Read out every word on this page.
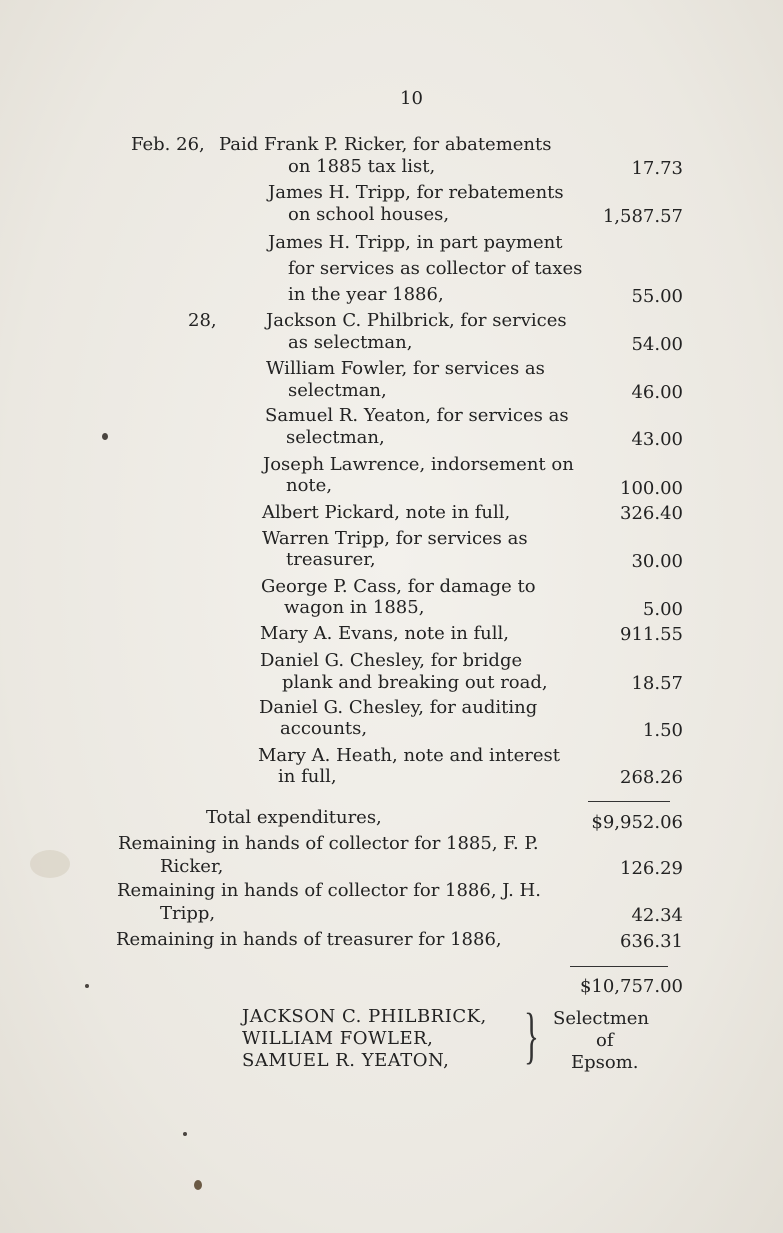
10
Feb. 26, Paid Frank P. Ricker, for abatements
on 1885 tax list,	17.73
James H. Tripp, for rebatements
on school houses,	1,587.57
James H. Tripp, in part payment
for services as collector of taxes
in the year 1886,	55.00
28,	Jackson C. Philbrick, for services
as selectman,	54.00
William Fowler, for services as
selectman,	46.00
Samuel R. Yeaton, for services as
selectman,	43.00
Joseph Lawrence, indorsement on
note,	100.00
Albert Pickard, note in full,	326.40
Warren Tripp, for services as
treasurer,	30.00
George P. Cass, for damage to
wagon in 1885,	5.00
Mary A. Evans, note in full,	911.55
Daniel G. Chesley, for bridge
plank and breaking out road,	18.57
Daniel G. Chesley, for auditing
accounts,	1.50
Mary A. Heath, note and interest
in full,	268.26
Total expenditures,	$9,952.06
Remaining in hands of collector for 1885, F. P.
Ricker,	126.29
Remaining in hands of collector for 1886, J. H.
Tripp,	42.34
Remaining in hands of treasurer for 1886,	636.31
$10,757.00
JACKSON C. PHILBRICK,
WILLIAM FOWLER,
SAMUEL R. YEATON, } Selectmen
of
Epsom.
